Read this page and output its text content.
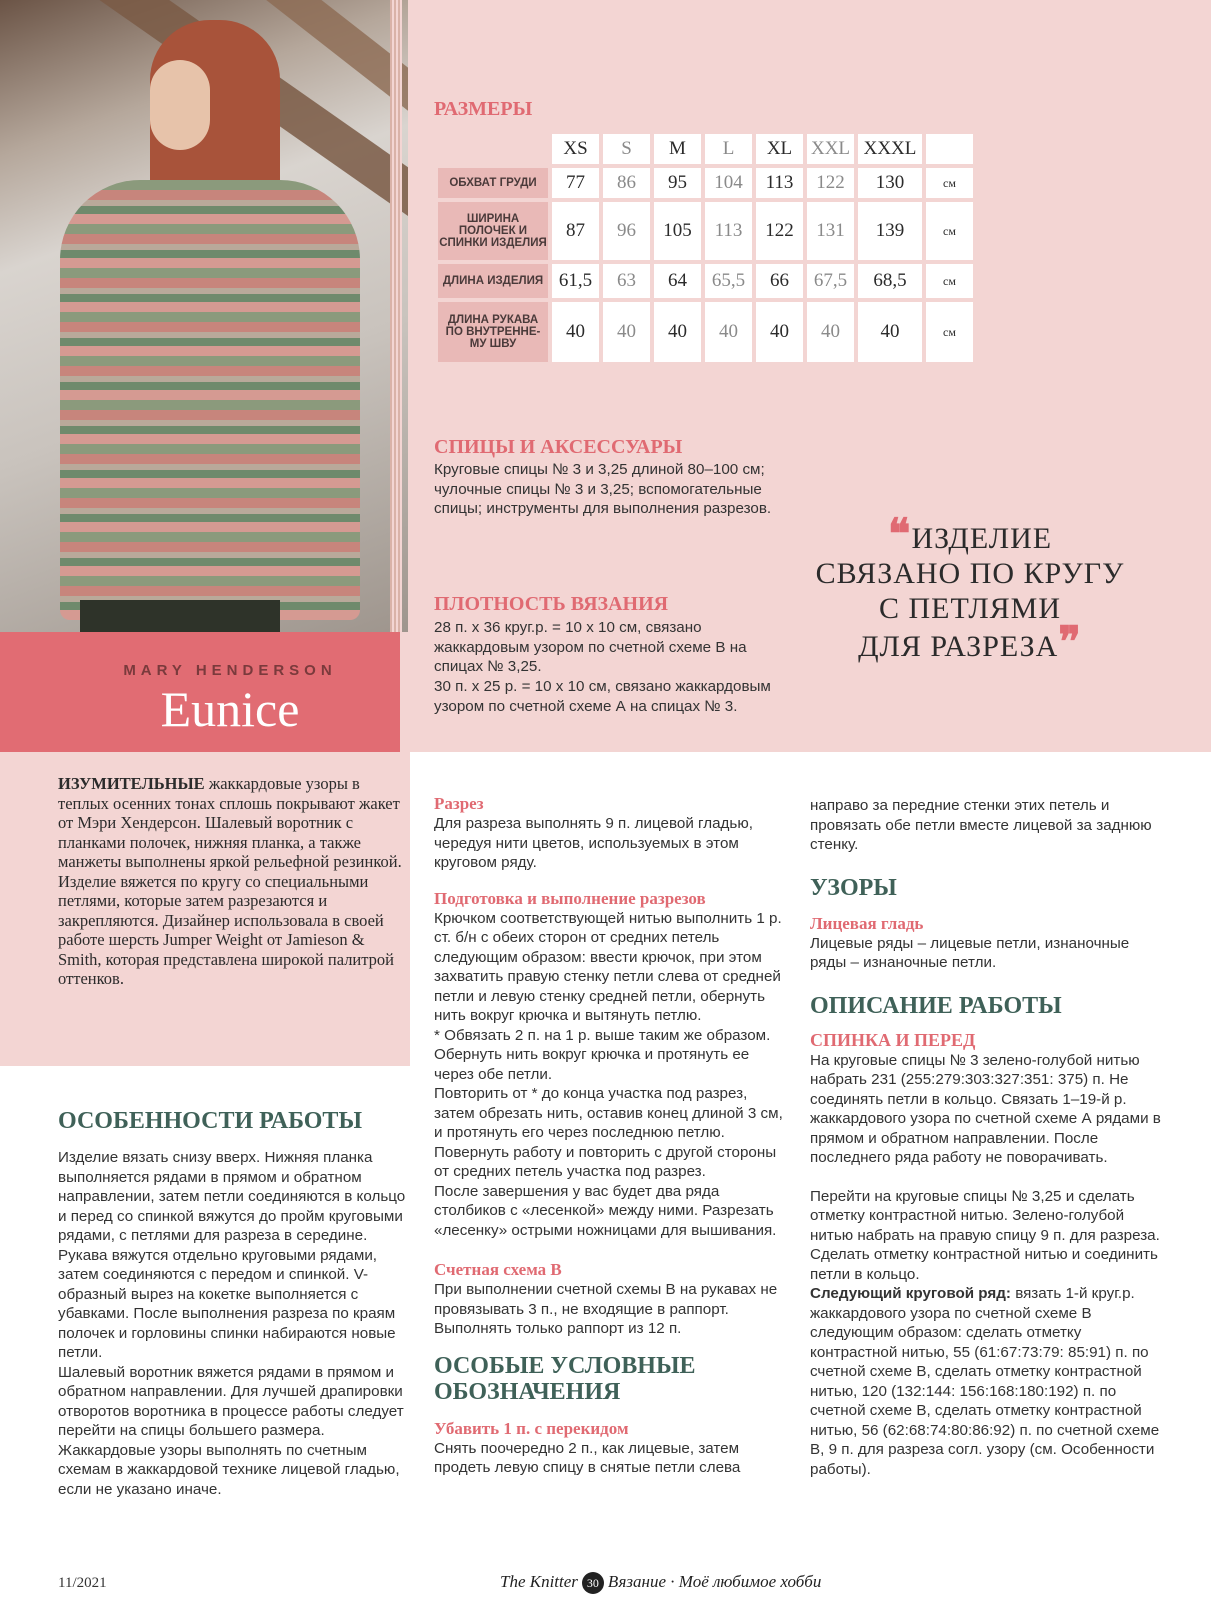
MARY HENDERSON
Eunice
РАЗМЕРЫ
	XS	S	M	L	XL	XXL	XXXL	
ОБХВАТ ГРУДИ	77	86	95	104	113	122	130	см
ШИРИНА ПОЛОЧЕК И СПИНКИ ИЗДЕЛИЯ	87	96	105	113	122	131	139	см
ДЛИНА ИЗДЕЛИЯ	61,5	63	64	65,5	66	67,5	68,5	см
ДЛИНА РУКАВА ПО ВНУТРЕННЕ- МУ ШВУ	40	40	40	40	40	40	40	см
СПИЦЫ И АКСЕССУАРЫ
Круговые спицы № 3 и 3,25 длиной 80–100 см; чулочные спицы № 3 и 3,25; вспомогательные спицы; инструменты для выполнения разрезов.
ПЛОТНОСТЬ ВЯЗАНИЯ
28 п. х 36 круг.р. = 10 х 10 см, связано жаккардовым узором по счетной схеме В на спицах № 3,25.
30 п. х 25 р. = 10 х 10 см, связано жаккардовым узором по счетной схеме А на спицах № 3.
❝ИЗДЕЛИЕ
СВЯЗАНО ПО КРУГУ
С ПЕТЛЯМИ
ДЛЯ РАЗРЕЗА❞
ИЗУМИТЕЛЬНЫЕ жаккардовые узоры в теплых осенних тонах сплошь покрывают жакет от Мэри Хендерсон. Шалевый воротник с планками полочек, нижняя планка, а также манжеты выполнены яркой рельефной резинкой. Изделие вяжется по кругу со специальными петлями, которые затем разрезаются и закрепляются. Дизайнер использовала в своей работе шерсть Jumper Weight от Jamieson & Smith, которая представлена широкой палитрой оттенков.
ОСОБЕННОСТИ РАБОТЫ
Изделие вязать снизу вверх. Нижняя планка выполняется рядами в прямом и обратном направлении, затем петли соединяются в кольцо и перед со спинкой вяжутся до пройм круговыми рядами, с петлями для разреза в середине. Рукава вяжутся отдельно круговыми рядами, затем соединяются с передом и спинкой. V-образный вырез на кокетке выполняется с убавками. После выполнения разреза по краям полочек и горловины спинки набираются новые петли.
Шалевый воротник вяжется рядами в прямом и обратном направлении. Для лучшей драпировки отворотов воротника в процессе работы следует перейти на спицы большего размера.
Жаккардовые узоры выполнять по счетным схемам в жаккардовой технике лицевой гладью, если не указано иначе.
Разрез
Для разреза выполнять 9 п. лицевой гладью, чередуя нити цветов, используемых в этом круговом ряду.
Подготовка и выполнение разрезов
Крючком соответствующей нитью выполнить 1 р. ст. б/н с обеих сторон от средних петель следующим образом: ввести крючок, при этом захватить правую стенку петли слева от средней петли и левую стенку средней петли, обернуть нить вокруг крючка и вытянуть петлю.
* Обвязать 2 п. на 1 р. выше таким же образом. Обернуть нить вокруг крючка и протянуть ее через обе петли.
Повторить от * до конца участка под разрез, затем обрезать нить, оставив конец длиной 3 см, и протянуть его через последнюю петлю. Повернуть работу и повторить с другой стороны от средних петель участка под разрез.
После завершения у вас будет два ряда столбиков с «лесенкой» между ними. Разрезать «лесенку» острыми ножницами для вышивания.
Счетная схема В
При выполнении счетной схемы В на рукавах не провязывать 3 п., не входящие в раппорт. Выполнять только раппорт из 12 п.
ОСОБЫЕ УСЛОВНЫЕ
ОБОЗНАЧЕНИЯ
Убавить 1 п. с перекидом
Снять поочередно 2 п., как лицевые, затем продеть левую спицу в снятые петли слева
направо за передние стенки этих петель и провязать обе петли вместе лицевой за заднюю стенку.
УЗОРЫ
Лицевая гладь
Лицевые ряды – лицевые петли, изнаночные ряды – изнаночные петли.
ОПИСАНИЕ РАБОТЫ
СПИНКА И ПЕРЕД
На круговые спицы № 3 зелено-голубой нитью набрать 231 (255:279:303:327:351: 375) п. Не соединять петли в кольцо. Связать 1–19-й р. жаккардового узора по счетной схеме А рядами в прямом и обратном направлении. После последнего ряда работу не поворачивать.
Перейти на круговые спицы № 3,25 и сделать отметку контрастной нитью. Зелено-голубой нитью набрать на правую спицу 9 п. для разреза. Сделать отметку контрастной нитью и соединить петли в кольцо.
Следующий круговой ряд: вязать 1-й круг.р. жаккардового узора по счетной схеме В следующим образом: сделать отметку контрастной нитью, 55 (61:67:73:79: 85:91) п. по счетной схеме В, сделать отметку контрастной нитью, 120 (132:144: 156:168:180:192) п. по счетной схеме В, сделать отметку контрастной нитью, 56 (62:68:74:80:86:92) п. по счетной схеме В, 9 п. для разреза согл. узору (см. Особенности работы).
11/2021	The Knitter 30 Вязание · Моё любимое хобби
